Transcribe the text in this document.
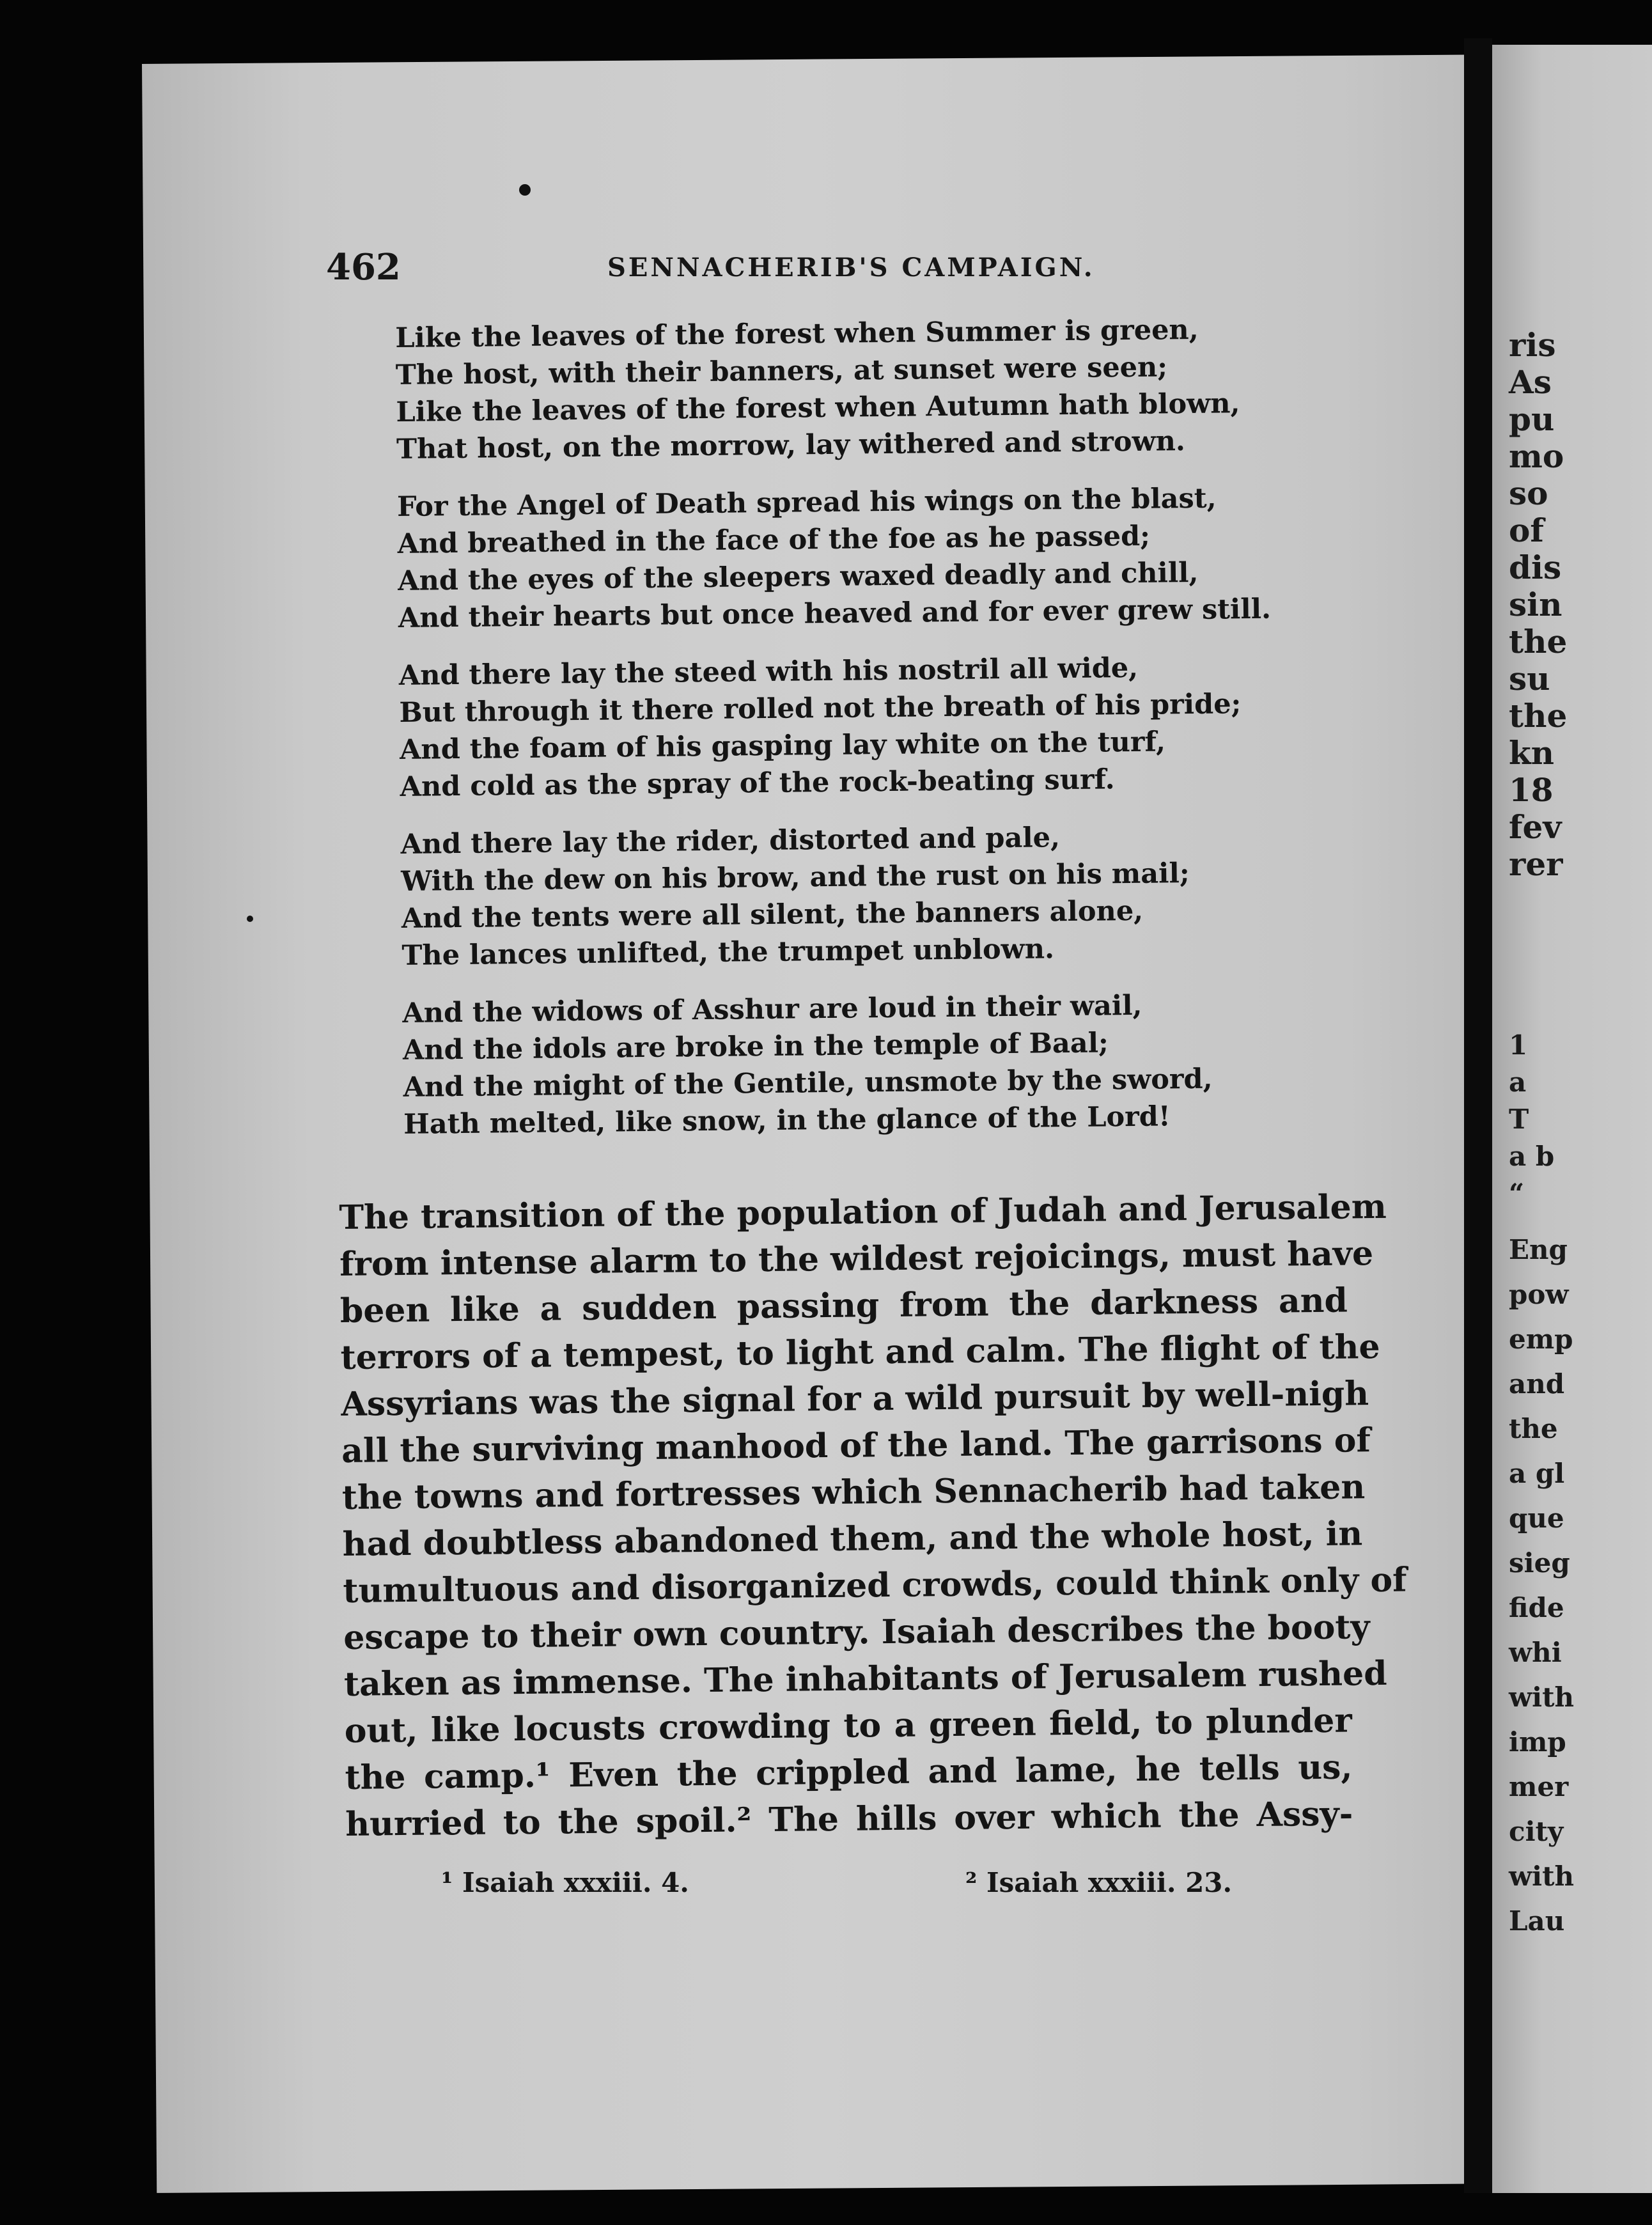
ris
As
pu
mo
so
of
dis
sin
the
su
the
kn
18
fev
rer
1
a
T
a b
“
Eng
pow
emp
and
the
a gl
que
sieg
fide
whi
with
imp
mer
city
with
Lau
462	SENNACHERIB'S CAMPAIGN.
Like the leaves of the forest when Summer is green,
The host, with their banners, at sunset were seen;
Like the leaves of the forest when Autumn hath blown,
That host, on the morrow, lay withered and strown.
For the Angel of Death spread his wings on the blast,
And breathed in the face of the foe as he passed;
And the eyes of the sleepers waxed deadly and chill,
And their hearts but once heaved and for ever grew still.
And there lay the steed with his nostril all wide,
But through it there rolled not the breath of his pride;
And the foam of his gasping lay white on the turf,
And cold as the spray of the rock-beating surf.
And there lay the rider, distorted and pale,
With the dew on his brow, and the rust on his mail;
And the tents were all silent, the banners alone,
The lances unlifted, the trumpet unblown.
And the widows of Asshur are loud in their wail,
And the idols are broke in the temple of Baal;
And the might of the Gentile, unsmote by the sword,
Hath melted, like snow, in the glance of the Lord!
The transition of the population of Judah and Jerusalem
from intense alarm to the wildest rejoicings, must have
been like a sudden passing from the darkness and
terrors of a tempest, to light and calm. The flight of the
Assyrians was the signal for a wild pursuit by well-nigh
all the surviving manhood of the land. The garrisons of
the towns and fortresses which Sennacherib had taken
had doubtless abandoned them, and the whole host, in
tumultuous and disorganized crowds, could think only of
escape to their own country. Isaiah describes the booty
taken as immense. The inhabitants of Jerusalem rushed
out, like locusts crowding to a green field, to plunder
the camp.¹ Even the crippled and lame, he tells us,
hurried to the spoil.² The hills over which the Assy-
¹ Isaiah xxxiii. 4.	² Isaiah xxxiii. 23.
